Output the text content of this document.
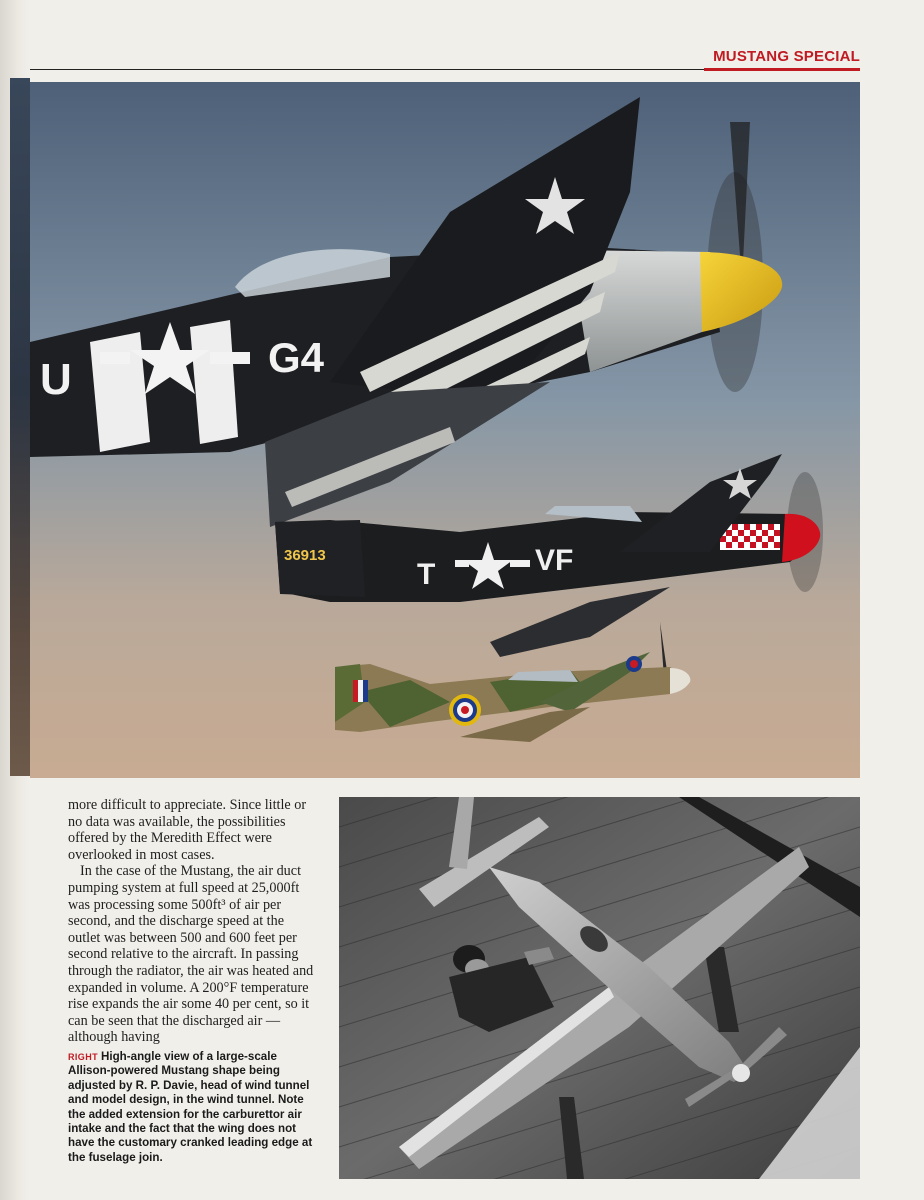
MUSTANG SPECIAL
U	G4
36913
T	VF

more difficult to appreciate. Since little or no data was available, the possibilities offered by the Meredith Effect were overlooked in most cases.

In the case of the Mustang, the air duct pumping system at full speed at 25,000ft was processing some 500ft³ of air per second, and the discharge speed at the outlet was between 500 and 600 feet per second relative to the aircraft. In passing through the radiator, the air was heated and expanded in volume. A 200°F temperature rise expands the air some 40 per cent, so it can be seen that the discharged air — although having

RIGHT High-angle view of a large-scale Allison-powered Mustang shape being adjusted by R. P. Davie, head of wind tunnel and model design, in the wind tunnel. Note the added extension for the carburettor air intake and the fact that the wing does not have the customary cranked leading edge at the fuselage join.
